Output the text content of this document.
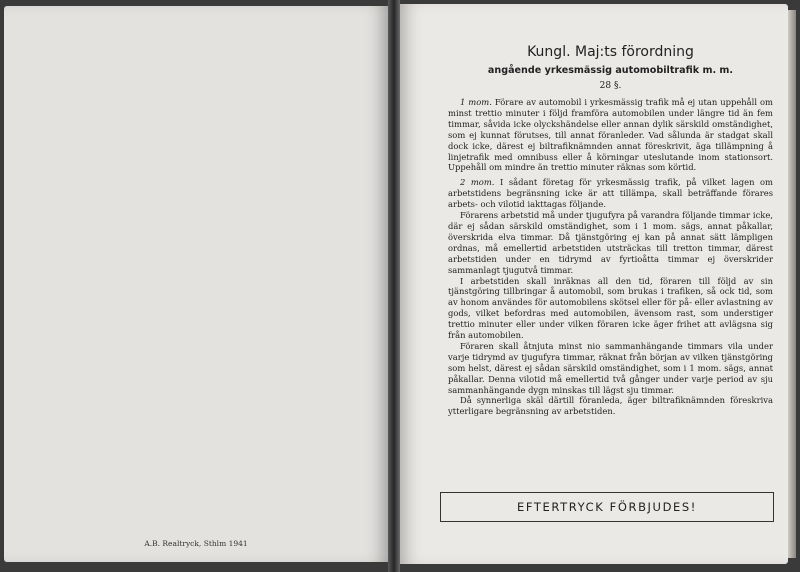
A.B. Realtryck, Sthlm 1941
Kungl. Maj:ts förordning
angående yrkesmässig automobiltrafik m. m.
28 §.

1 mom. Förare av automobil i yrkesmässig trafik må ej utan uppehåll om minst trettio minuter i följd framföra automobilen under längre tid än fem timmar, såvida icke olyckshändelse eller annan dylik särskild omständighet, som ej kunnat förutses, till annat föranleder. Vad sålunda är stadgat skall dock icke, därest ej biltrafiknämnden annat föreskrivit, äga tillämpning å linjetrafik med omnibuss eller å körningar uteslutande inom stationsort. Uppehåll om mindre än trettio minuter räknas som körtid.

2 mom. I sådant företag för yrkesmässig trafik, på vilket lagen om arbetstidens begränsning icke är att tillämpa, skall beträffande förares arbets- och vilotid iakttagas följande.

Förarens arbetstid må under tjugufyra på varandra följande timmar icke, där ej sådan särskild omständighet, som i 1 mom. sägs, annat påkallar, överskrida elva timmar. Då tjänstgöring ej kan på annat sätt lämpligen ordnas, må emellertid arbetstiden utsträckas till tretton timmar, därest arbetstiden under en tidrymd av fyrtioåtta timmar ej överskrider sammanlagt tjugutvå timmar.

I arbetstiden skall inräknas all den tid, föraren till följd av sin tjänstgöring tillbringar å automobil, som brukas i trafiken, så ock tid, som av honom användes för automobilens skötsel eller för på- eller avlastning av gods, vilket befordras med automobilen, ävensom rast, som understiger trettio minuter eller under vilken föraren icke äger frihet att avlägsna sig från automobilen.

Föraren skall åtnjuta minst nio sammanhängande timmars vila under varje tidrymd av tjugufyra timmar, räknat från början av vilken tjänstgöring som helst, därest ej sådan särskild omständighet, som i 1 mom. sägs, annat påkallar. Denna vilotid må emellertid två gånger under varje period av sju sammanhängande dygn minskas till lägst sju timmar.

Då synnerliga skäl därtill föranleda, äger biltrafiknämnden föreskriva ytterligare begränsning av arbetstiden.

EFTERTRYCK FÖRBJUDES!
